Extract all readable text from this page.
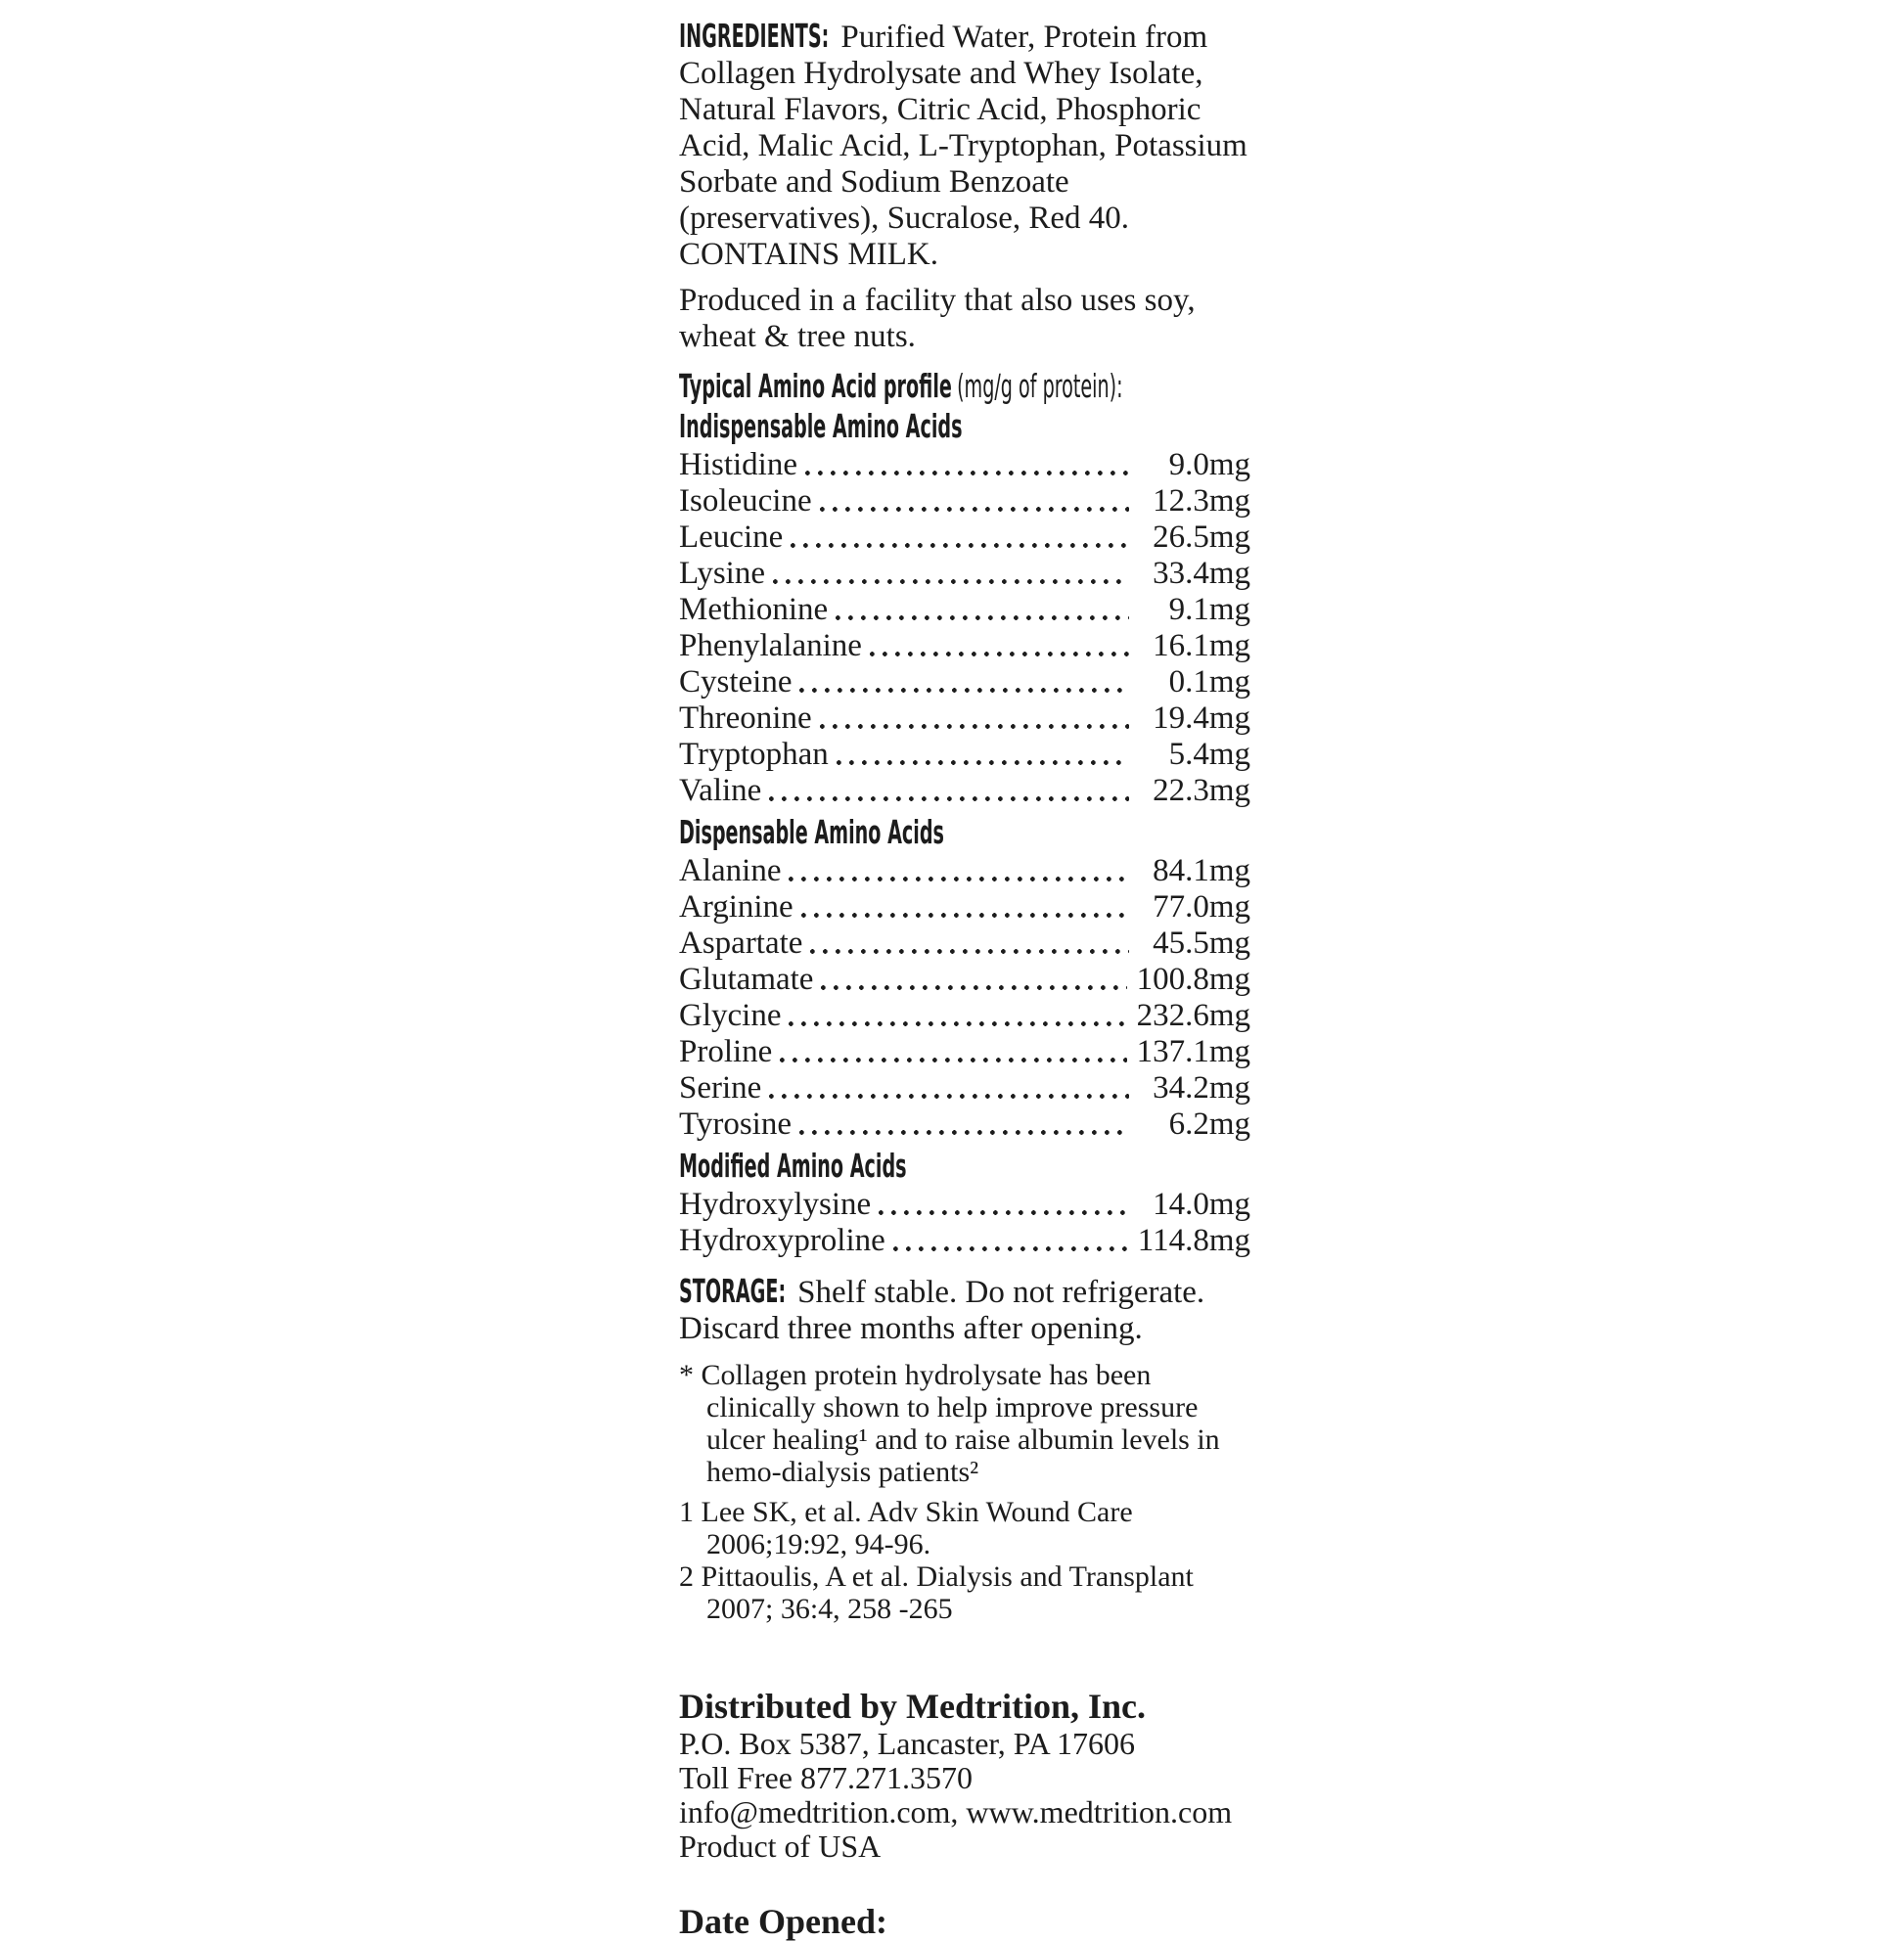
INGREDIENTS: Purified Water, Protein from Collagen Hydrolysate and Whey Isolate, Natural Flavors, Citric Acid, Phosphoric Acid, Malic Acid, L-Tryptophan, Potassium Sorbate and Sodium Benzoate (preservatives), Sucralose, Red 40.

CONTAINS MILK.
Produced in a facility that also uses soy, wheat & tree nuts.
Typical Amino Acid profile (mg/g of protein):
Indispensable Amino Acids
Histidine	9.0mg
Isoleucine	12.3mg
Leucine	26.5mg
Lysine	33.4mg
Methionine	9.1mg
Phenylalanine	16.1mg
Cysteine	0.1mg
Threonine	19.4mg
Tryptophan	5.4mg
Valine	22.3mg
Dispensable Amino Acids
Alanine	84.1mg
Arginine	77.0mg
Aspartate	45.5mg
Glutamate	100.8mg
Glycine	232.6mg
Proline	137.1mg
Serine	34.2mg
Tyrosine	6.2mg
Modified Amino Acids
Hydroxylysine	14.0mg
Hydroxyproline	114.8mg

STORAGE: Shelf stable. Do not refrigerate. Discard three months after opening.

* Collagen protein hydrolysate has been clinically shown to help improve pressure ulcer healing¹ and to raise albumin levels in hemo-dialysis patients²
1 Lee SK, et al. Adv Skin Wound Care 2006;19:92, 94-96.
2 Pittaoulis, A et al. Dialysis and Transplant 2007; 36:4, 258 -265
Distributed by Medtrition, Inc.
P.O. Box 5387, Lancaster, PA 17606
Toll Free 877.271.3570
info@medtrition.com, www.medtrition.com
Product of USA
Date Opened:
